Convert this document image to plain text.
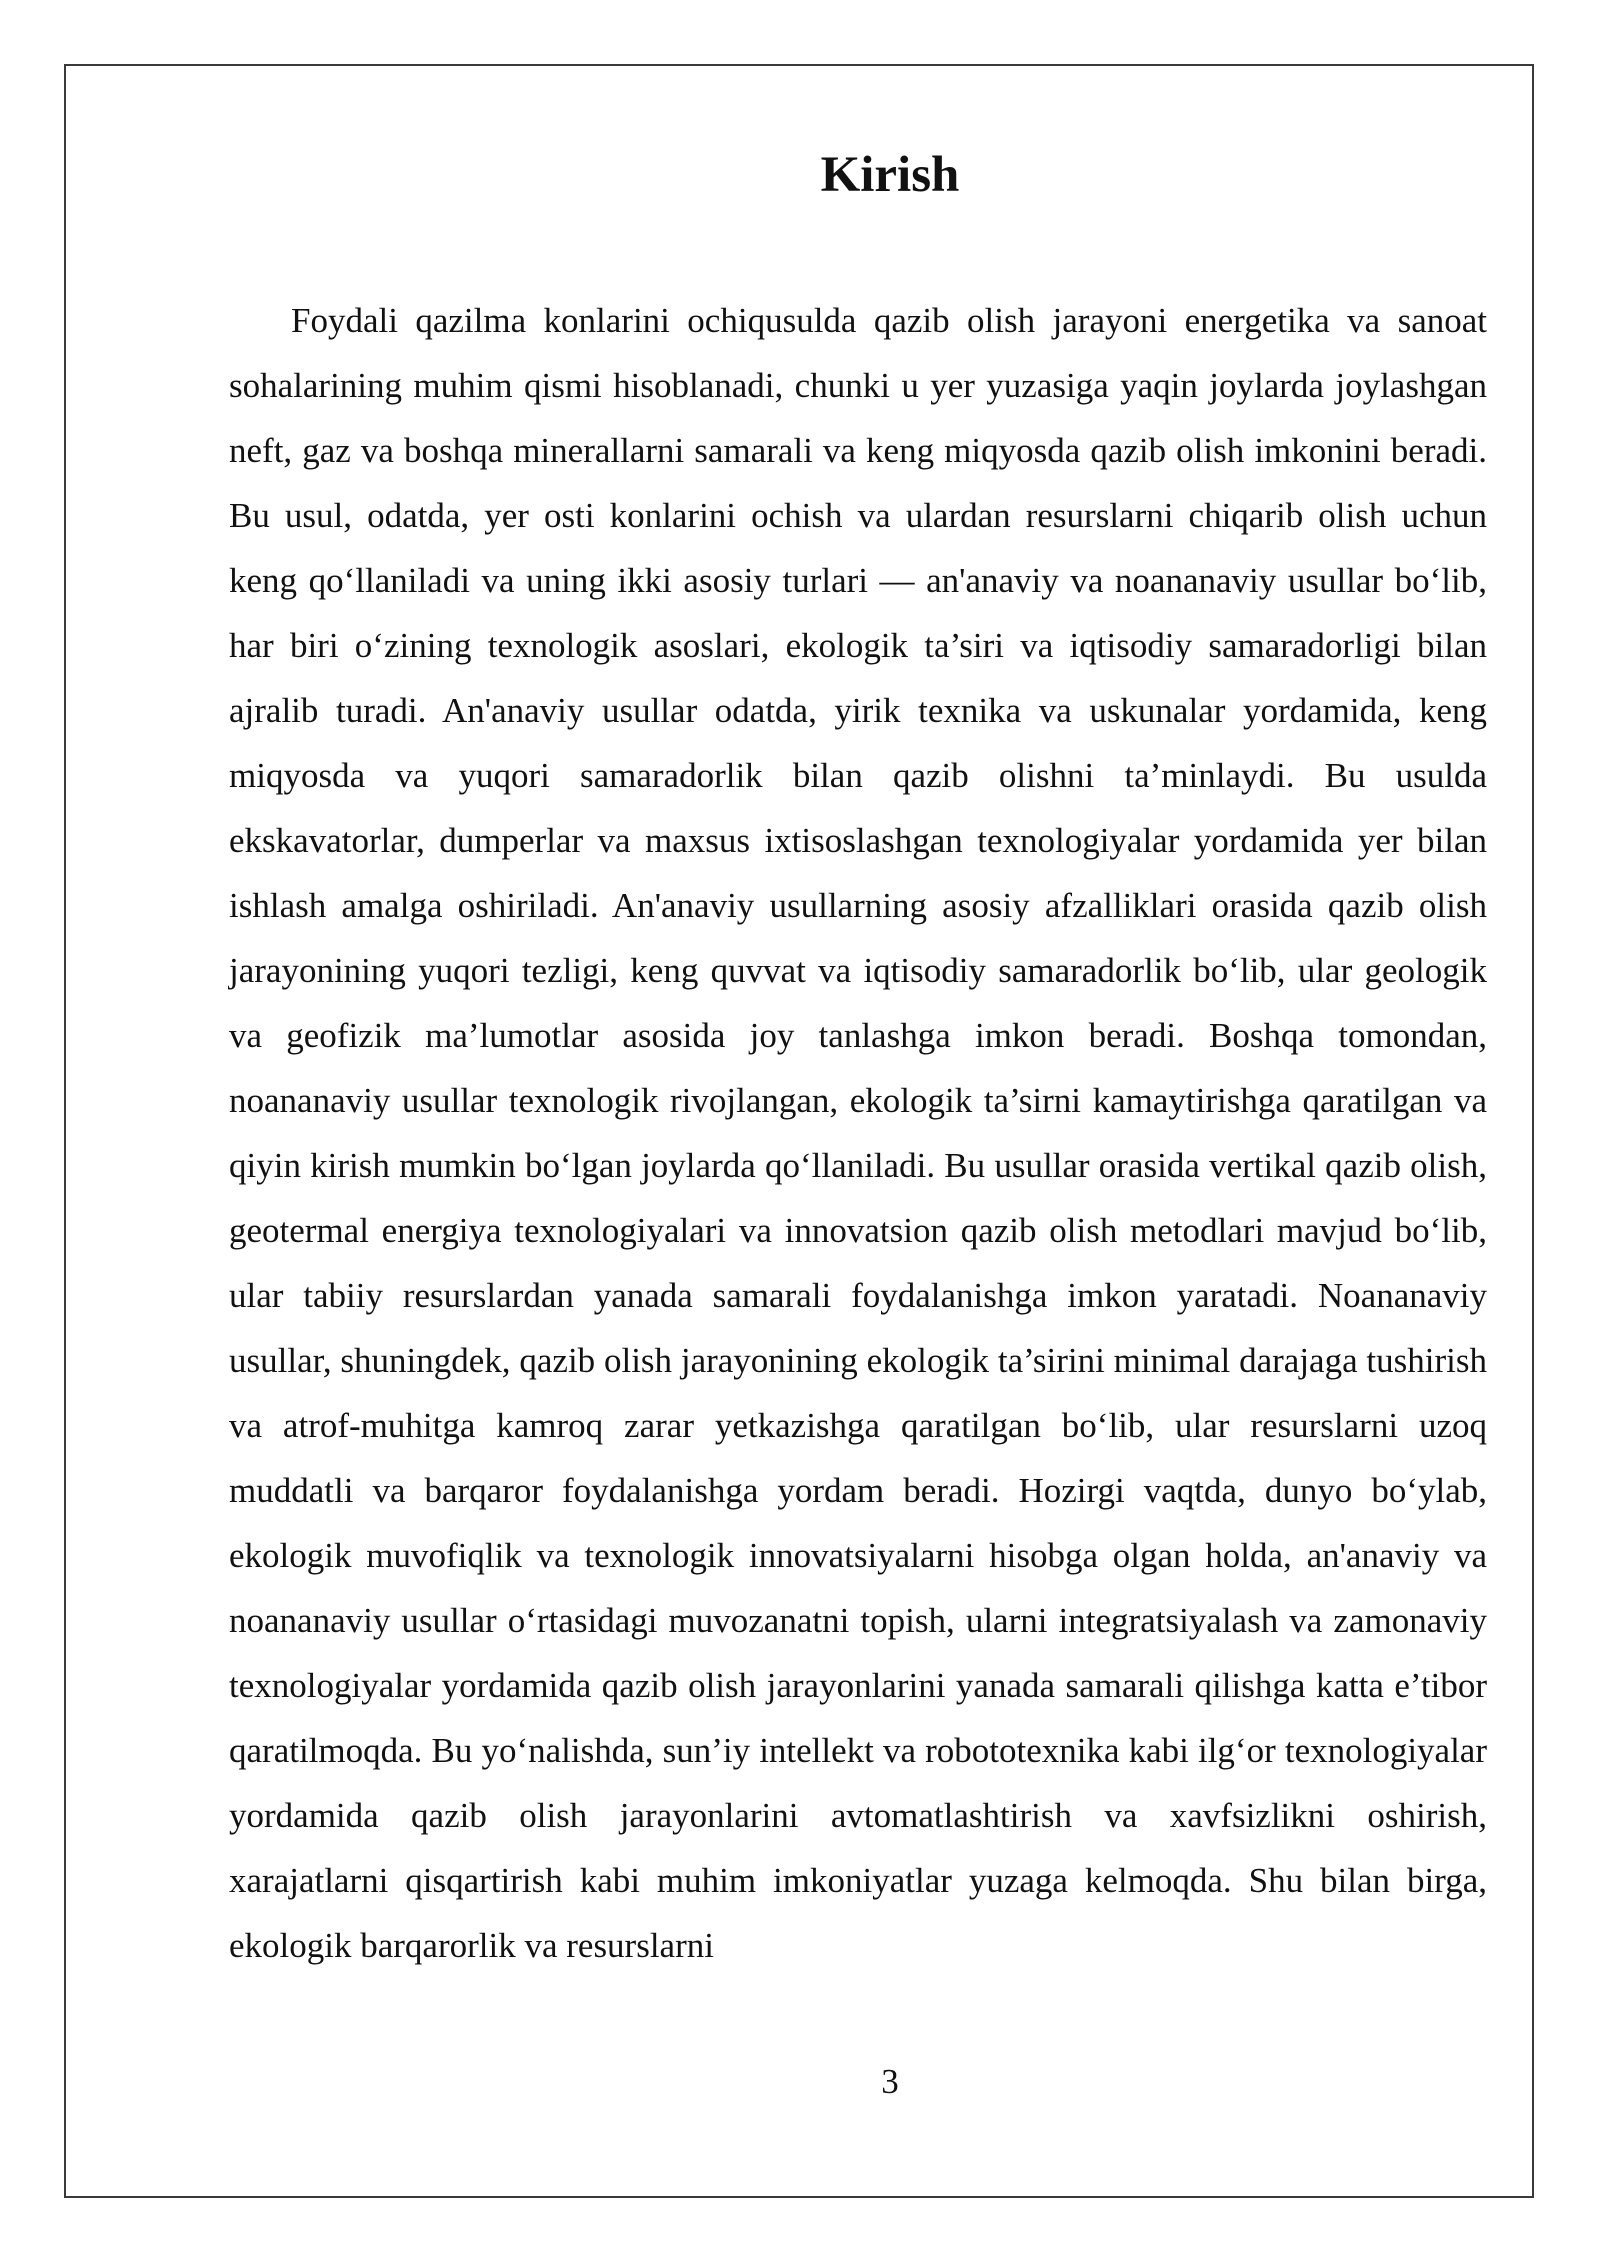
Kirish

Foydali qazilma konlarini ochiqusulda qazib olish jarayoni energetika va sanoat sohalarining muhim qismi hisoblanadi, chunki u yer yuzasiga yaqin joylarda joylashgan neft, gaz va boshqa minerallarni samarali va keng miqyosda qazib olish imkonini beradi. Bu usul, odatda, yer osti konlarini ochish va ulardan resurslarni chiqarib olish uchun keng qo‘llaniladi va uning ikki asosiy turlari — an'anaviy va noananaviy usullar bo‘lib, har biri o‘zining texnologik asoslari, ekologik ta’siri va iqtisodiy samaradorligi bilan ajralib turadi. An'anaviy usullar odatda, yirik texnika va uskunalar yordamida, keng miqyosda va yuqori samaradorlik bilan qazib olishni ta’minlaydi. Bu usulda ekskavatorlar, dumperlar va maxsus ixtisoslashgan texnologiyalar yordamida yer bilan ishlash amalga oshiriladi. An'anaviy usullarning asosiy afzalliklari orasida qazib olish jarayonining yuqori tezligi, keng quvvat va iqtisodiy samaradorlik bo‘lib, ular geologik va geofizik ma’lumotlar asosida joy tanlashga imkon beradi. Boshqa tomondan, noananaviy usullar texnologik rivojlangan, ekologik ta’sirni kamaytirishga qaratilgan va qiyin kirish mumkin bo‘lgan joylarda qo‘llaniladi. Bu usullar orasida vertikal qazib olish, geotermal energiya texnologiyalari va innovatsion qazib olish metodlari mavjud bo‘lib, ular tabiiy resurslardan yanada samarali foydalanishga imkon yaratadi. Noananaviy usullar, shuningdek, qazib olish jarayonining ekologik ta’sirini minimal darajaga tushirish va atrof-muhitga kamroq zarar yetkazishga qaratilgan bo‘lib, ular resurslarni uzoq muddatli va barqaror foydalanishga yordam beradi. Hozirgi vaqtda, dunyo bo‘ylab, ekologik muvofiqlik va texnologik innovatsiyalarni hisobga olgan holda, an'anaviy va noananaviy usullar o‘rtasidagi muvozanatni topish, ularni integratsiyalash va zamonaviy texnologiyalar yordamida qazib olish jarayonlarini yanada samarali qilishga katta e’tibor qaratilmoqda. Bu yo‘nalishda, sun’iy intellekt va robototexnika kabi ilg‘or texnologiyalar yordamida qazib olish jarayonlarini avtomatlashtirish va xavfsizlikni oshirish, xarajatlarni qisqartirish kabi muhim imkoniyatlar yuzaga kelmoqda. Shu bilan birga, ekologik barqarorlik va resurslarni

3
